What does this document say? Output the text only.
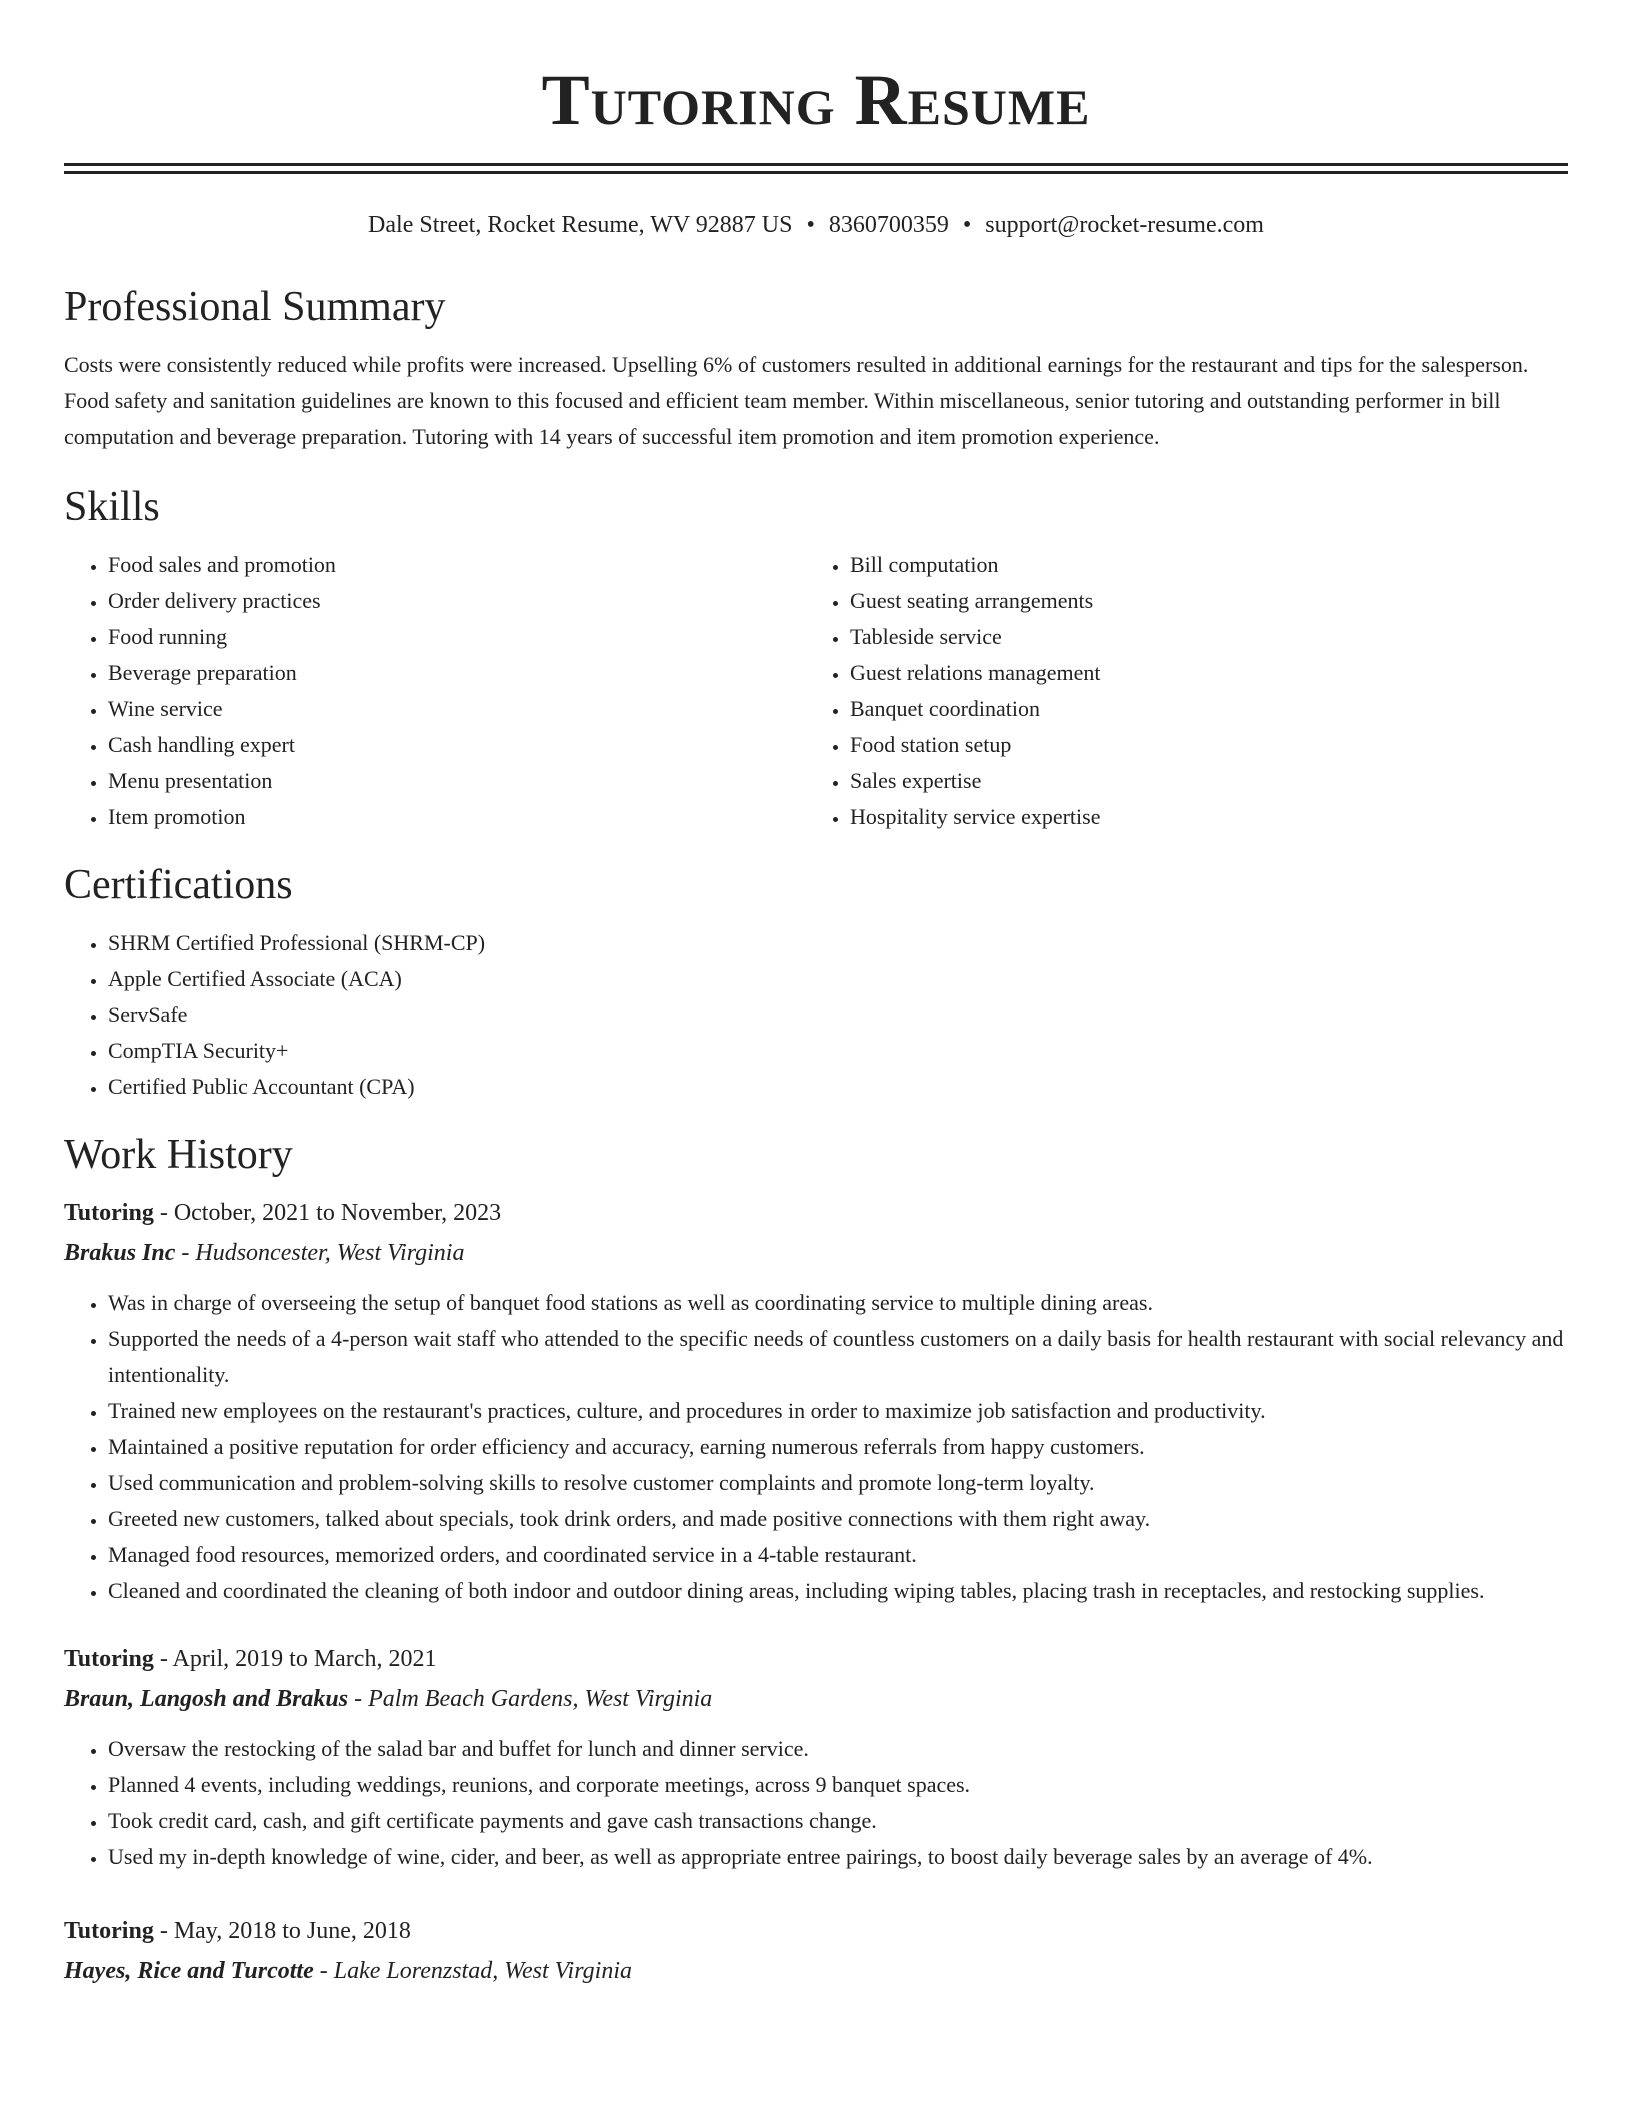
Tutoring Resume
Dale Street, Rocket Resume, WV 92887 US • 8360700359 • support@rocket-resume.com
Professional Summary

Costs were consistently reduced while profits were increased. Upselling 6% of customers resulted in additional earnings for the restaurant and tips for the salesperson. Food safety and sanitation guidelines are known to this focused and efficient team member. Within miscellaneous, senior tutoring and outstanding performer in bill computation and beverage preparation. Tutoring with 14 years of successful item promotion and item promotion experience.

Skills
• Food sales and promotion
• Order delivery practices
• Food running
• Beverage preparation
• Wine service
• Cash handling expert
• Menu presentation
• Item promotion
• Bill computation
• Guest seating arrangements
• Tableside service
• Guest relations management
• Banquet coordination
• Food station setup
• Sales expertise
• Hospitality service expertise
Certifications
• SHRM Certified Professional (SHRM-CP)
• Apple Certified Associate (ACA)
• ServSafe
• CompTIA Security+
• Certified Public Accountant (CPA)
Work History

Tutoring - October, 2021 to November, 2023

Brakus Inc - Hudsoncester, West Virginia

• Was in charge of overseeing the setup of banquet food stations as well as coordinating service to multiple dining areas.
• Supported the needs of a 4-person wait staff who attended to the specific needs of countless customers on a daily basis for health restaurant with social relevancy and intentionality.
• Trained new employees on the restaurant's practices, culture, and procedures in order to maximize job satisfaction and productivity.
• Maintained a positive reputation for order efficiency and accuracy, earning numerous referrals from happy customers.
• Used communication and problem-solving skills to resolve customer complaints and promote long-term loyalty.
• Greeted new customers, talked about specials, took drink orders, and made positive connections with them right away.
• Managed food resources, memorized orders, and coordinated service in a 4-table restaurant.
• Cleaned and coordinated the cleaning of both indoor and outdoor dining areas, including wiping tables, placing trash in receptacles, and restocking supplies.

Tutoring - April, 2019 to March, 2021

Braun, Langosh and Brakus - Palm Beach Gardens, West Virginia

• Oversaw the restocking of the salad bar and buffet for lunch and dinner service.
• Planned 4 events, including weddings, reunions, and corporate meetings, across 9 banquet spaces.
• Took credit card, cash, and gift certificate payments and gave cash transactions change.
• Used my in-depth knowledge of wine, cider, and beer, as well as appropriate entree pairings, to boost daily beverage sales by an average of 4%.

Tutoring - May, 2018 to June, 2018

Hayes, Rice and Turcotte - Lake Lorenzstad, West Virginia
